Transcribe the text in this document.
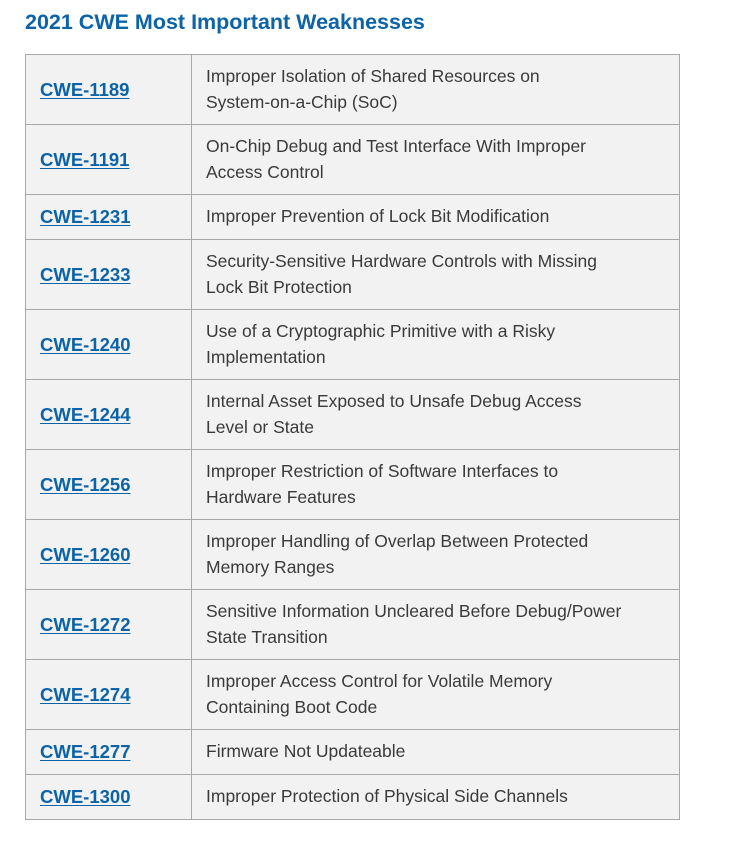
2021 CWE Most Important Weaknesses
CWE-1189	Improper Isolation of Shared Resources on
System-on-a-Chip (SoC)
CWE-1191	On-Chip Debug and Test Interface With Improper
Access Control
CWE-1231	Improper Prevention of Lock Bit Modification
CWE-1233	Security-Sensitive Hardware Controls with Missing
Lock Bit Protection
CWE-1240	Use of a Cryptographic Primitive with a Risky
Implementation
CWE-1244	Internal Asset Exposed to Unsafe Debug Access
Level or State
CWE-1256	Improper Restriction of Software Interfaces to
Hardware Features
CWE-1260	Improper Handling of Overlap Between Protected
Memory Ranges
CWE-1272	Sensitive Information Uncleared Before Debug/Power
State Transition
CWE-1274	Improper Access Control for Volatile Memory
Containing Boot Code
CWE-1277	Firmware Not Updateable
CWE-1300	Improper Protection of Physical Side Channels
